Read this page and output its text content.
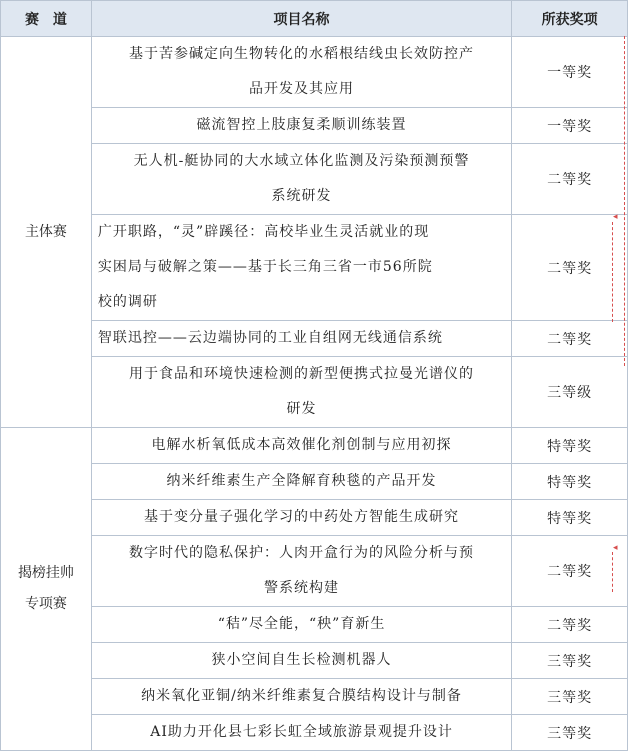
赛　道	项目名称	所获奖项
主体赛	基于苦参碱定向生物转化的水稻根结线虫长效防控产
品开发及其应用	一等奖

	磁流智控上肢康复柔顺训练装置	一等奖

	无人机-艇协同的大水域立体化监测及污染预测预警
系统研发	二等奖

	广开职路，“灵”辟蹊径：高校毕业生灵活就业的现
实困局与破解之策——基于长三角三省一市56所院
校的调研	二等奖

	智联迅控——云边端协同的工业自组网无线通信系统	二等奖

	用于食品和环境快速检测的新型便携式拉曼光谱仪的
研发	三等级

揭榜挂帅
专项赛	电解水析氧低成本高效催化剂创制与应用初探	特等奖

	纳米纤维素生产全降解育秧毯的产品开发	特等奖

	基于变分量子强化学习的中药处方智能生成研究	特等奖

	数字时代的隐私保护：人肉开盒行为的风险分析与预
警系统构建	二等奖

	“秸”尽全能，“秧”育新生	二等奖

	狭小空间自生长检测机器人	三等奖

	纳米氧化亚铜/纳米纤维素复合膜结构设计与制备	三等奖

	AI助力开化县七彩长虹全域旅游景观提升设计	三等奖
◂
◂
